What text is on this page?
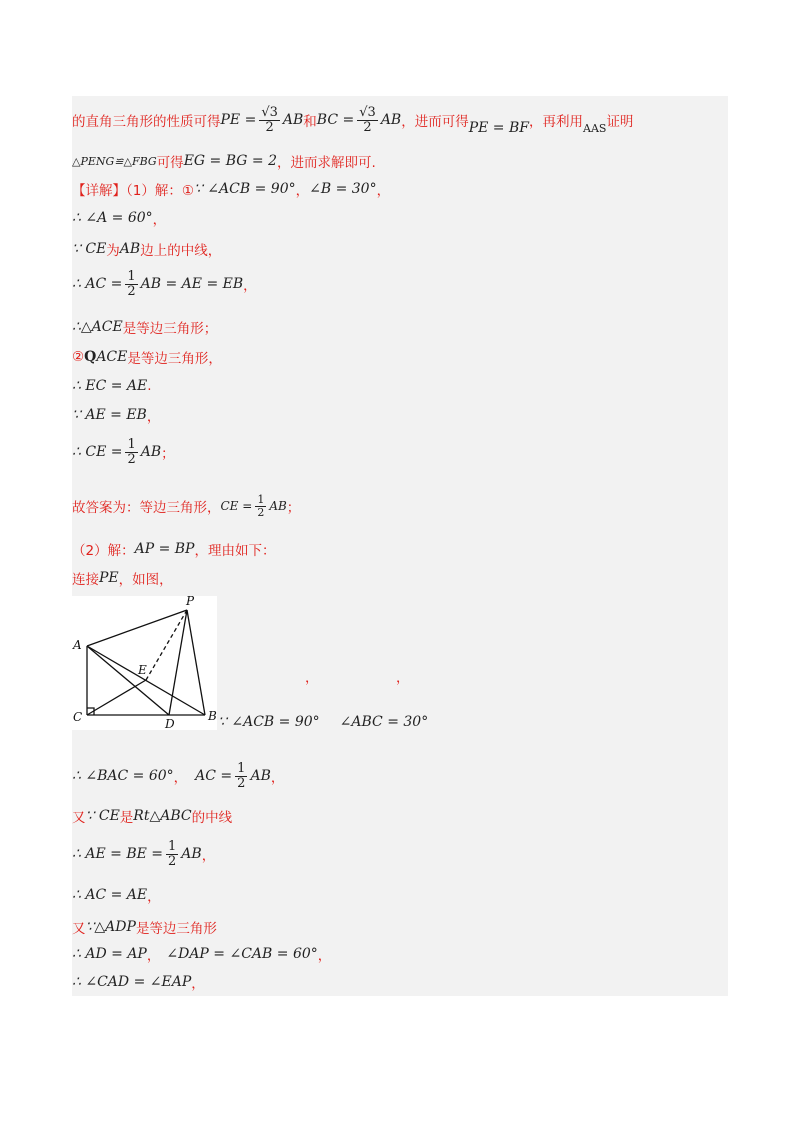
的直角三角形的性质可得 PE = $\frac{√3}{2}$ AB 和 BC = $\frac{√3}{2}$ AB ，进而可得 PE = BF ，再利用 AAS 证明
△PENG≌△FBG 可得 EG = BG = 2 ，进而求解即可.
【详解】（1）解：① ∵ ∠ACB = 90° ， ∠B = 30° ，
∴ ∠A = 60° ，
∵ CE 为 AB 边上的中线，
∴ AC = $\frac{1}{2}$ AB = AE = EB ，
∴△ACE 是等边三角形；
② Q ACE 是等边三角形，
∴ EC = AE .
∵ AE = EB ，
∴ CE = $\frac{1}{2}$ AB ；
故答案为：等边三角形， CE = $\frac{1}{2}$ AB ；
（2）解： AP = BP ，理由如下：
连接 PE ，如图，
P
A
E
C	D
B
，	，
∵ ∠ACB = 90° ∠ABC = 30°
∴ ∠BAC = 60° ， AC = $\frac{1}{2}$ AB ，
又 ∵ CE 是 Rt△ABC 的中线
∴ AE = BE = $\frac{1}{2}$ AB ，
∴ AC = AE ，
又 ∵△ADP 是等边三角形
∴ AD = AP ， ∠DAP = ∠CAB = 60° ，
∴ ∠CAD = ∠EAP ，
